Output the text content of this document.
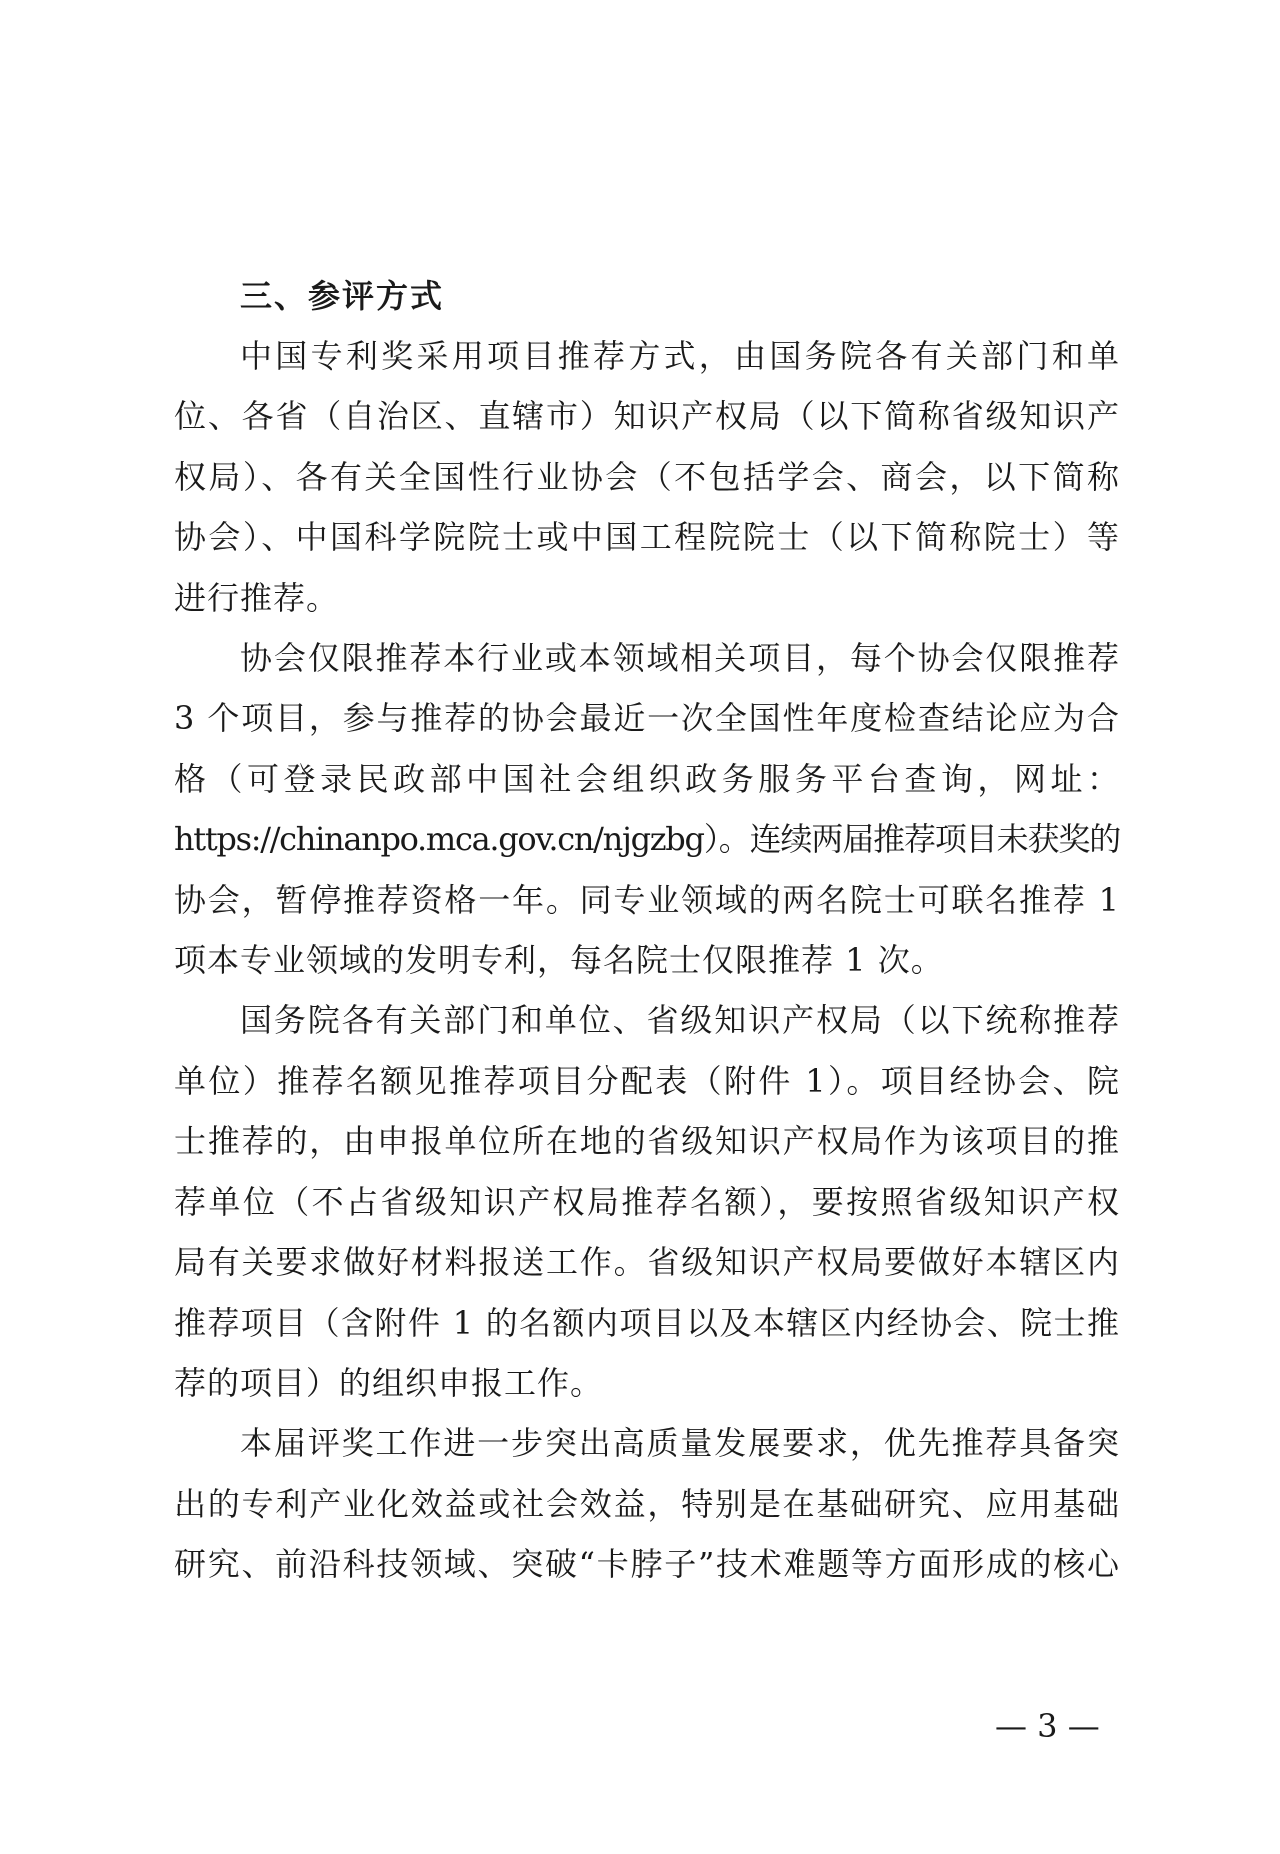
三、参评方式
中国专利奖采用项目推荐方式，由国务院各有关部门和单
位、各省（自治区、直辖市）知识产权局（以下简称省级知识产
权局）、各有关全国性行业协会（不包括学会、商会，以下简称
协会）、中国科学院院士或中国工程院院士（以下简称院士）等
进行推荐。
协会仅限推荐本行业或本领域相关项目，每个协会仅限推荐
3 个项目，参与推荐的协会最近一次全国性年度检查结论应为合
格（可登录民政部中国社会组织政务服务平台查询，网址：
https://chinanpo.mca.gov.cn/njgzbg）。连续两届推荐项目未获奖的
协会，暂停推荐资格一年。同专业领域的两名院士可联名推荐 1
项本专业领域的发明专利，每名院士仅限推荐 1 次。
国务院各有关部门和单位、省级知识产权局（以下统称推荐
单位）推荐名额见推荐项目分配表（附件 1）。项目经协会、院
士推荐的，由申报单位所在地的省级知识产权局作为该项目的推
荐单位（不占省级知识产权局推荐名额），要按照省级知识产权
局有关要求做好材料报送工作。省级知识产权局要做好本辖区内
推荐项目（含附件 1 的名额内项目以及本辖区内经协会、院士推
荐的项目）的组织申报工作。
本届评奖工作进一步突出高质量发展要求，优先推荐具备突
出的专利产业化效益或社会效益，特别是在基础研究、应用基础
研究、前沿科技领域、突破“卡脖子”技术难题等方面形成的核心
— 3 —
